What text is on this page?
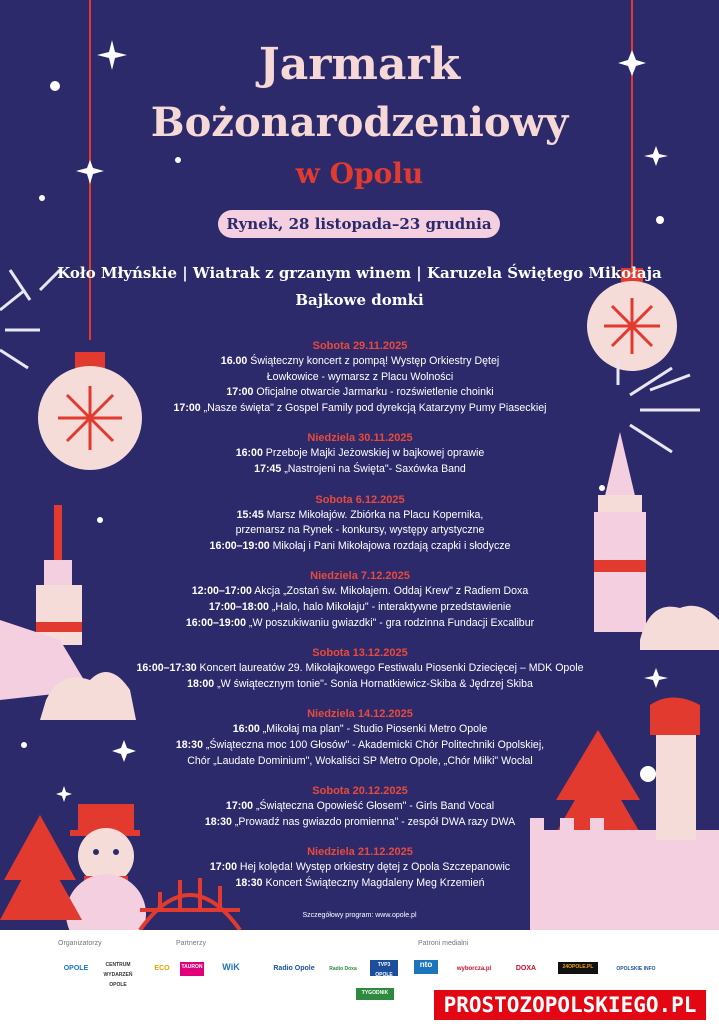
Jarmark
Bożonarodzeniowy
w Opolu
Rynek, 28 listopada–23 grudnia 2025
Koło Młyńskie | Wiatrak z grzanym winem | Karuzela Świętego Mikołaja
Bajkowe domki
Sobota 29.11.2025
16.00 Świąteczny koncert z pompą! Występ Orkiestry Dętej
Łowkowice - wymarsz z Placu Wolności
17:00 Oficjalne otwarcie Jarmarku - rozświetlenie choinki
17:00 „Nasze święta" z Gospel Family pod dyrekcją Katarzyny Pumy Piaseckiej
Niedziela 30.11.2025
16:00 Przeboje Majki Jeżowskiej w bajkowej oprawie
17:45 „Nastrojeni na Święta"- Saxówka Band
Sobota 6.12.2025
15:45 Marsz Mikołajów. Zbiórka na Placu Kopernika,
przemarsz na Rynek - konkursy, występy artystyczne
16:00–19:00 Mikołaj i Pani Mikołajowa rozdają czapki i słodycze
Niedziela 7.12.2025
12:00–17:00 Akcja „Zostań św. Mikołajem. Oddaj Krew" z Radiem Doxa
17:00–18:00 „Halo, halo Mikołaju" - interaktywne przedstawienie
16:00–19:00 „W poszukiwaniu gwiazdki" - gra rodzinna Fundacji Excalibur
Sobota 13.12.2025
16:00–17:30 Koncert laureatów 29. Mikołajkowego Festiwalu Piosenki Dziecięcej – MDK Opole
18:00 „W świątecznym tonie"- Sonia Hornatkiewicz-Skiba & Jędrzej Skiba
Niedziela 14.12.2025
16:00 „Mikołaj ma plan" - Studio Piosenki Metro Opole
18:30 „Świąteczna moc 100 Głosów" - Akademicki Chór Politechniki Opolskiej,
Chór „Laudate Dominium", Wokaliści SP Metro Opole, „Chór Miłki" Wocłal
Sobota 20.12.2025
17:00 „Świąteczna Opowieść Głosem" - Girls Band Vocal
18:30 „Prowadź nas gwiazdo promienna" - zespół DWA razy DWA
Niedziela 21.12.2025
17:00 Hej kolęda! Występ orkiestry dętej z Opola Szczepanowic
18:30 Koncert Świąteczny Magdaleny Meg Krzemień
Szczegółowy program: www.opole.pl
Organizatorzy	Partnerzy	Patroni medialni
OPOLE	CENTRUM WYDARZEŃ OPOLE
ECO	TAURON	WiK	Radio Opole	Radio Doxa
TVP3 OPOLE
nto	wyborcza.pl	DOXA	24OPOLE.PL	OPOLSKIE INFO
TYGODNIK	PROSTOZOPOLSKIEGO.PL
